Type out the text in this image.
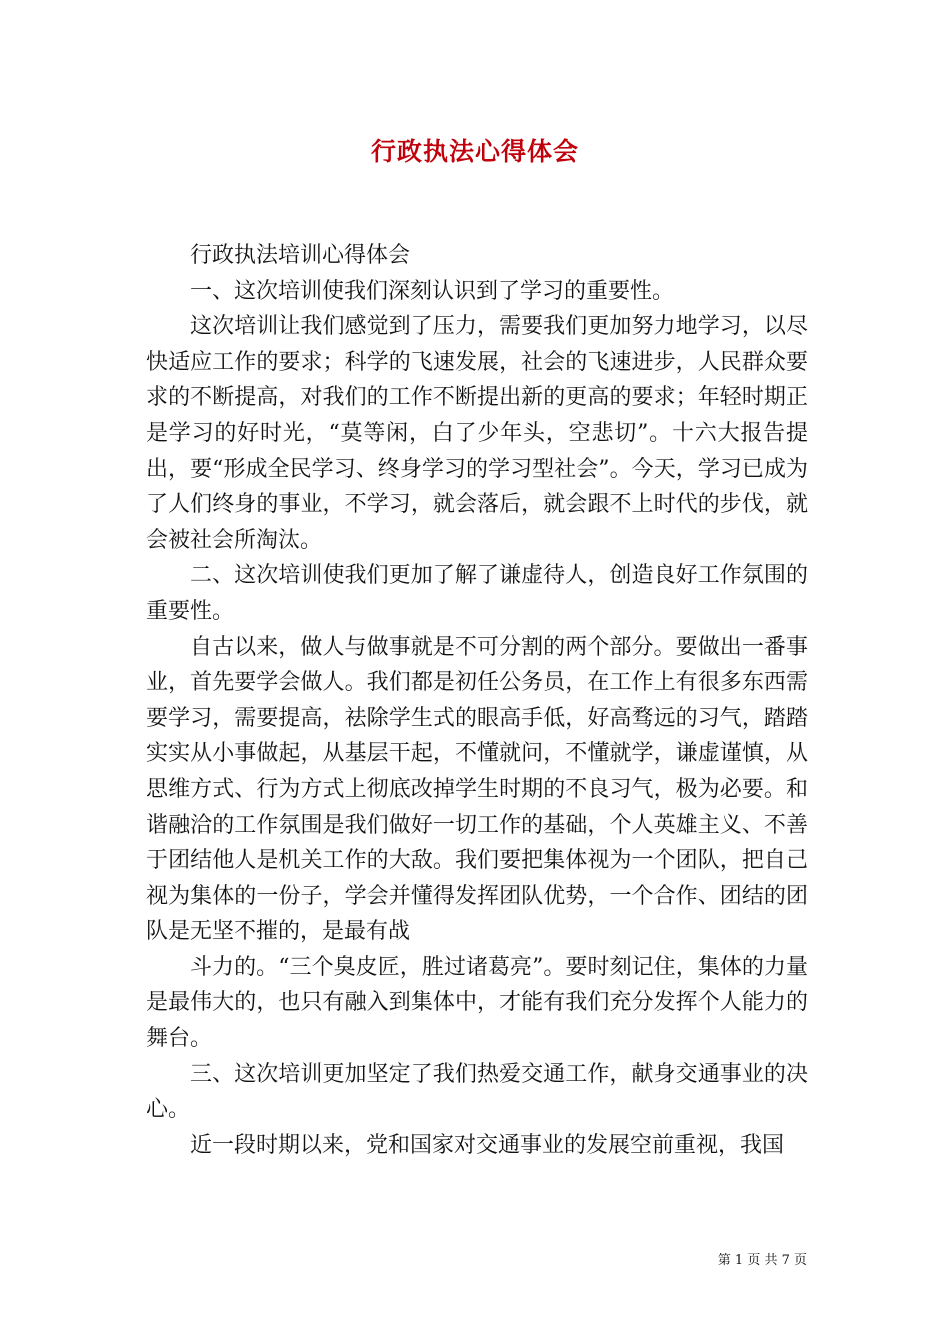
行政执法心得体会

行政执法培训心得体会

一、这次培训使我们深刻认识到了学习的重要性。

这次培训让我们感觉到了压力，需要我们更加努力地学习，以尽快适应工作的要求；科学的飞速发展，社会的飞速进步，人民群众要求的不断提高，对我们的工作不断提出新的更高的要求；年轻时期正是学习的好时光，“莫等闲，白了少年头，空悲切”。十六大报告提出，要“形成全民学习、终身学习的学习型社会”。今天，学习已成为了人们终身的事业，不学习，就会落后，就会跟不上时代的步伐，就会被社会所淘汰。

二、这次培训使我们更加了解了谦虚待人，创造良好工作氛围的重要性。

自古以来，做人与做事就是不可分割的两个部分。要做出一番事业，首先要学会做人。我们都是初任公务员，在工作上有很多东西需要学习，需要提高，祛除学生式的眼高手低，好高骛远的习气，踏踏实实从小事做起，从基层干起，不懂就问，不懂就学，谦虚谨慎，从思维方式、行为方式上彻底改掉学生时期的不良习气，极为必要。和谐融洽的工作氛围是我们做好一切工作的基础，个人英雄主义、不善于团结他人是机关工作的大敌。我们要把集体视为一个团队，把自己视为集体的一份子，学会并懂得发挥团队优势，一个合作、团结的团队是无坚不摧的，是最有战

斗力的。“三个臭皮匠，胜过诸葛亮”。要时刻记住，集体的力量是最伟大的，也只有融入到集体中，才能有我们充分发挥个人能力的舞台。

三、这次培训更加坚定了我们热爱交通工作，献身交通事业的决心。

近一段时期以来，党和国家对交通事业的发展空前重视，我国

第 1 页 共 7 页
